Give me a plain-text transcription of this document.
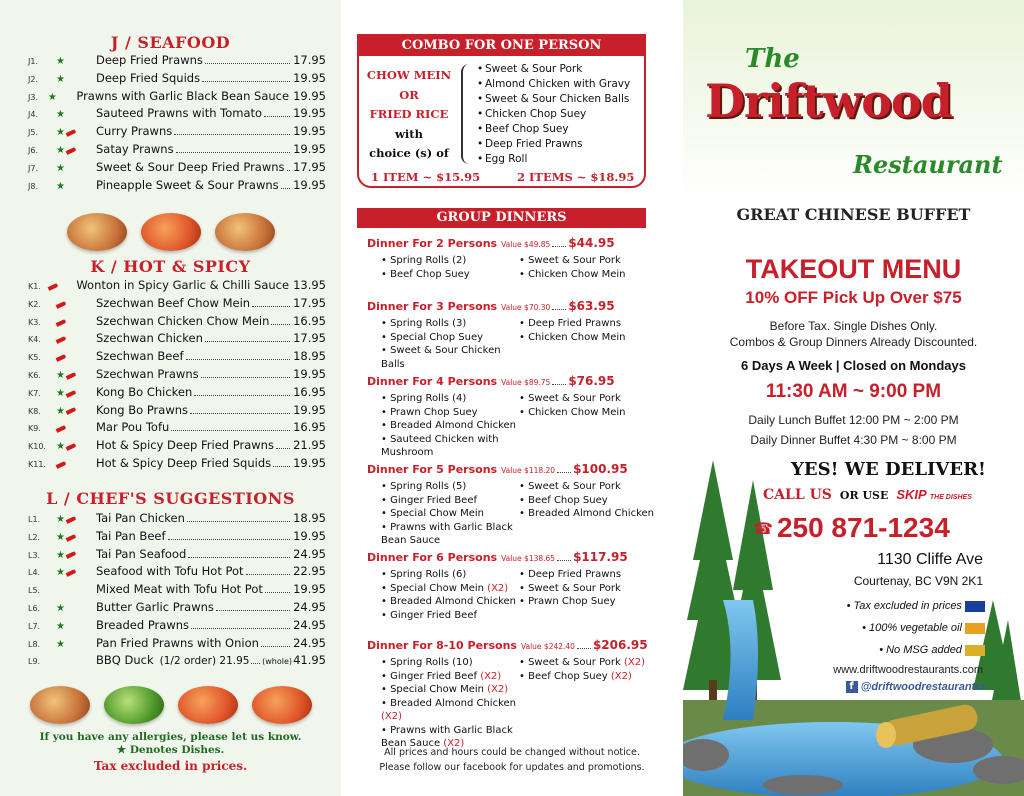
J / SEAFOOD
J1.	★	Deep Fried Prawns	17.95
J2.	★	Deep Fried Squids	19.95
J3. ★ Prawns with Garlic Black Bean Sauce 19.95
J4.	★	Sauteed Prawns with Tomato	19.95
J5.	★	Curry Prawns	19.95
J6.	★	Satay Prawns	19.95
J7.	★	Sweet & Sour Deep Fried Prawns 17.95
J8.	★	Pineapple Sweet & Sour Prawns 19.95
K / HOT & SPICY
K1.	Wonton in Spicy Garlic & Chilli Sauce 13.95
K2.	Szechwan Beef Chow Mein	17.95
K3.	Szechwan Chicken Chow Mein 16.95
K4.	Szechwan Chicken	17.95
K5.	Szechwan Beef	18.95
K6.	★	Szechwan Prawns	19.95
K7.	★	Kong Bo Chicken	16.95
K8.	★	Kong Bo Prawns	19.95
K9.	Mar Pou Tofu	16.95
K10.	★	Hot & Spicy Deep Fried Prawns 21.95
K11.	Hot & Spicy Deep Fried Squids 19.95
L / CHEF'S SUGGESTIONS
L1.	★	Tai Pan Chicken	18.95
L2.	★	Tai Pan Beef	19.95
L3.	★	Tai Pan Seafood	24.95
L4.	★	Seafood with Tofu Hot Pot	22.95
L5.	Mixed Meat with Tofu Hot Pot	19.95
L6.	★	Butter Garlic Prawns	24.95
L7.	★	Breaded Prawns	24.95
L8.	★	Pan Fried Prawns with Onion	24.95
L9.	BBQ Duck (1/2 order) 21.95 (whole) 41.95
If you have any allergies, please let us know.
★ Denotes Dishes.
Tax excluded in prices.
COMBO FOR ONE PERSON
CHOW MEIN
OR
FRIED RICE
with
choice (s) of
• Sweet & Sour Pork
• Almond Chicken with Gravy
• Sweet & Sour Chicken Balls
• Chicken Chop Suey
• Beef Chop Suey
• Deep Fried Prawns
• Egg Roll
1 ITEM ~ $15.95	2 ITEMS ~ $18.95
GROUP DINNERS
Dinner For 2 Persons Value $49.85 $44.95
• Spring Rolls (2)	• Sweet & Sour Pork
• Beef Chop Suey	• Chicken Chow Mein
Dinner For 3 Persons Value $70.30 $63.95
• Spring Rolls (3)	• Deep Fried Prawns
• Special Chop Suey	• Chicken Chow Mein
• Sweet & Sour Chicken Balls
Dinner For 4 Persons Value $89.75 $76.95
• Spring Rolls (4)	• Sweet & Sour Pork
• Prawn Chop Suey	• Chicken Chow Mein
• Breaded Almond Chicken
• Sauteed Chicken with Mushroom
Dinner For 5 Persons Value $118.20 $100.95
• Spring Rolls (5)	• Sweet & Sour Pork
• Ginger Fried Beef	• Beef Chop Suey
• Special Chow Mein	• Breaded Almond Chicken
• Prawns with Garlic Black Bean Sauce
Dinner For 6 Persons Value $138.65 $117.95
• Spring Rolls (6)	• Deep Fried Prawns
• Special Chow Mein (X2)	• Sweet & Sour Pork
• Breaded Almond Chicken	• Prawn Chop Suey
• Ginger Fried Beef
Dinner For 8-10 Persons Value $242.40 $206.95
• Spring Rolls (10)	• Sweet & Sour Pork (X2)
• Ginger Fried Beef (X2)	• Beef Chop Suey (X2)
• Special Chow Mein (X2)
• Breaded Almond Chicken (X2)
• Prawns with Garlic Black Bean Sauce (X2)
All prices and hours could be changed without notice.
Please follow our facebook for updates and promotions.
The
Driftwood
Restaurant
GREAT CHINESE BUFFET
TAKEOUT MENU
10% OFF Pick Up Over $75
Before Tax. Single Dishes Only.
Combos & Group Dinners Already Discounted.
6 Days A Week | Closed on Mondays
11:30 AM ~ 9:00 PM
Daily Lunch Buffet 12:00 PM ~ 2:00 PM
Daily Dinner Buffet 4:30 PM ~ 8:00 PM
YES! WE DELIVER!
CALL US OR USE SKIP THE DISHES
☎ 250 871-1234
1130 Cliffe Ave
Courtenay, BC V9N 2K1
• Tax excluded in prices
• 100% vegetable oil
• No MSG added
www.driftwoodrestaurants.com
f @driftwoodrestaurantct
